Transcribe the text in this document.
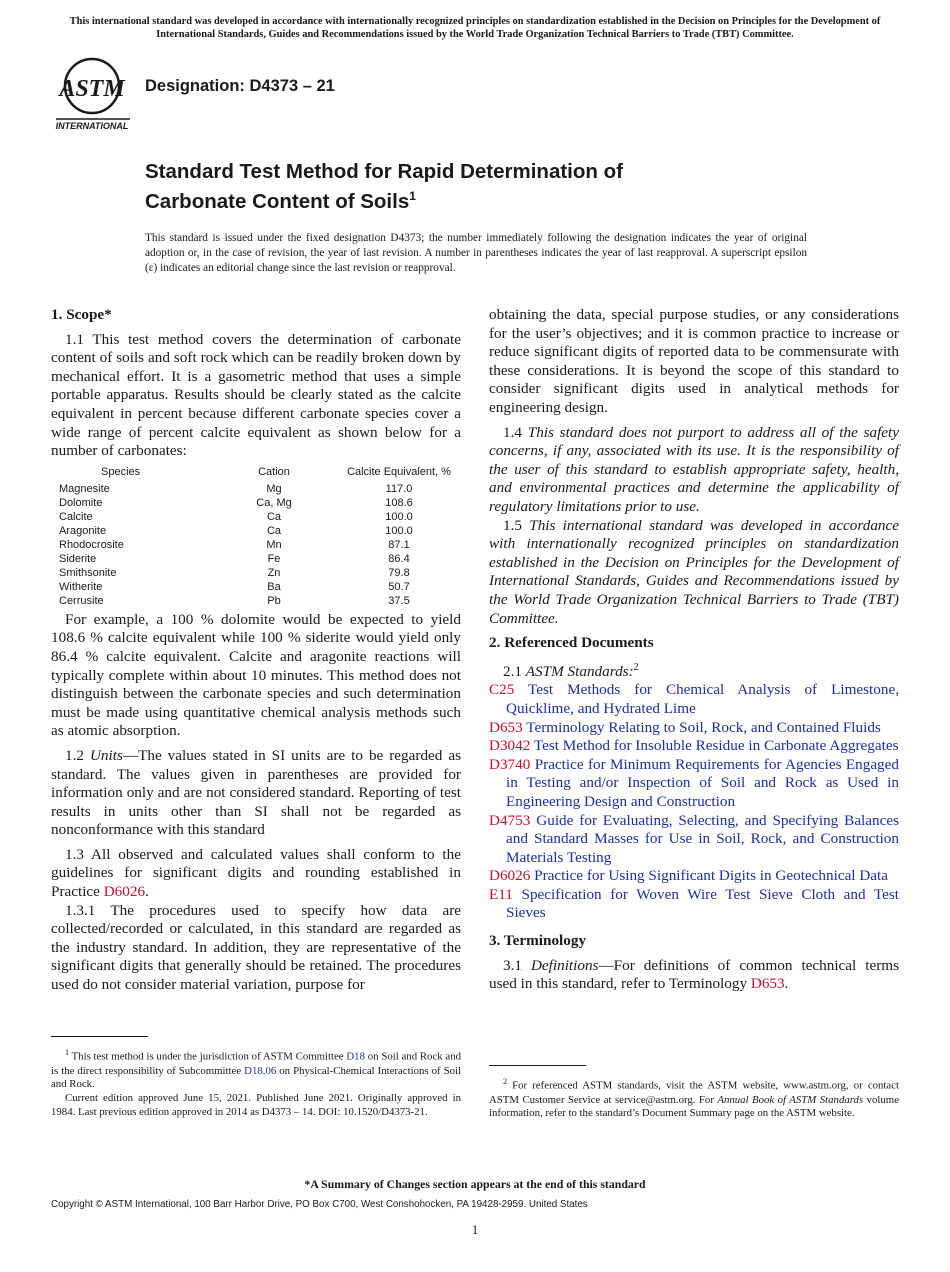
This international standard was developed in accordance with internationally recognized principles on standardization established in the Decision on Principles for the Development of International Standards, Guides and Recommendations issued by the World Trade Organization Technical Barriers to Trade (TBT) Committee.
ASTM
INTERNATIONAL
Designation: D4373 – 21
Standard Test Method for Rapid Determination of
Carbonate Content of Soils$^1$
This standard is issued under the fixed designation D4373; the number immediately following the designation indicates the year of original adoption or, in the case of revision, the year of last revision. A number in parentheses indicates the year of last reapproval. A superscript epsilon (ε) indicates an editorial change since the last revision or reapproval.
1. Scope*

1.1 This test method covers the determination of carbonate content of soils and soft rock which can be readily broken down by mechanical effort. It is a gasometric method that uses a simple portable apparatus. Results should be clearly stated as the calcite equivalent in percent because different carbonate species cover a wide range of percent calcite equivalent as shown below for a number of carbonates:

Species	Cation	Calcite Equivalent, %
Magnesite	Mg	117.0
Dolomite	Ca, Mg	108.6
Calcite	Ca	100.0
Aragonite	Ca	100.0
Rhodocrosite	Mn	87.1
Siderite	Fe	86.4
Smithsonite	Zn	79.8
Witherite	Ba	50.7
Cerrusite	Pb	37.5

For example, a 100 % dolomite would be expected to yield 108.6 % calcite equivalent while 100 % siderite would yield only 86.4 % calcite equivalent. Calcite and aragonite reactions will typically complete within about 10 minutes. This method does not distinguish between the carbonate species and such determination must be made using quantitative chemical analysis methods such as atomic absorption.

1.2 Units—The values stated in SI units are to be regarded as standard. The values given in parentheses are provided for information only and are not considered standard. Reporting of test results in units other than SI shall not be regarded as nonconformance with this standard

1.3 All observed and calculated values shall conform to the guidelines for significant digits and rounding established in Practice D6026.

1.3.1 The procedures used to specify how data are collected/recorded or calculated, in this standard are regarded as the industry standard. In addition, they are representative of the significant digits that generally should be retained. The procedures used do not consider material variation, purpose for

obtaining the data, special purpose studies, or any considerations for the user’s objectives; and it is common practice to increase or reduce significant digits of reported data to be commensurate with these considerations. It is beyond the scope of this standard to consider significant digits used in analytical methods for engineering design.

1.4 This standard does not purport to address all of the safety concerns, if any, associated with its use. It is the responsibility of the user of this standard to establish appropriate safety, health, and environmental practices and determine the applicability of regulatory limitations prior to use.

1.5 This international standard was developed in accordance with internationally recognized principles on standardization established in the Decision on Principles for the Development of International Standards, Guides and Recommendations issued by the World Trade Organization Technical Barriers to Trade (TBT) Committee.

2. Referenced Documents

2.1 ASTM Standards:$^2$

C25 Test Methods for Chemical Analysis of Limestone, Quicklime, and Hydrated Lime

D653 Terminology Relating to Soil, Rock, and Contained Fluids

D3042 Test Method for Insoluble Residue in Carbonate Aggregates

D3740 Practice for Minimum Requirements for Agencies Engaged in Testing and/or Inspection of Soil and Rock as Used in Engineering Design and Construction

D4753 Guide for Evaluating, Selecting, and Specifying Balances and Standard Masses for Use in Soil, Rock, and Construction Materials Testing

D6026 Practice for Using Significant Digits in Geotechnical Data

E11 Specification for Woven Wire Test Sieve Cloth and Test Sieves

3. Terminology

3.1 Definitions—For definitions of common technical terms used in this standard, refer to Terminology D653.

$^1$ This test method is under the jurisdiction of ASTM Committee D18 on Soil and Rock and is the direct responsibility of Subcommittee D18.06 on Physical-Chemical Interactions of Soil and Rock.

Current edition approved June 15, 2021. Published June 2021. Originally approved in 1984. Last previous edition approved in 2014 as D4373 – 14. DOI: 10.1520/D4373-21.

$^2$ For referenced ASTM standards, visit the ASTM website, www.astm.org, or contact ASTM Customer Service at service@astm.org. For Annual Book of ASTM Standards volume information, refer to the standard’s Document Summary page on the ASTM website.

*A Summary of Changes section appears at the end of this standard
Copyright © ASTM International, 100 Barr Harbor Drive, PO Box C700, West Conshohocken, PA 19428-2959. United States
1
